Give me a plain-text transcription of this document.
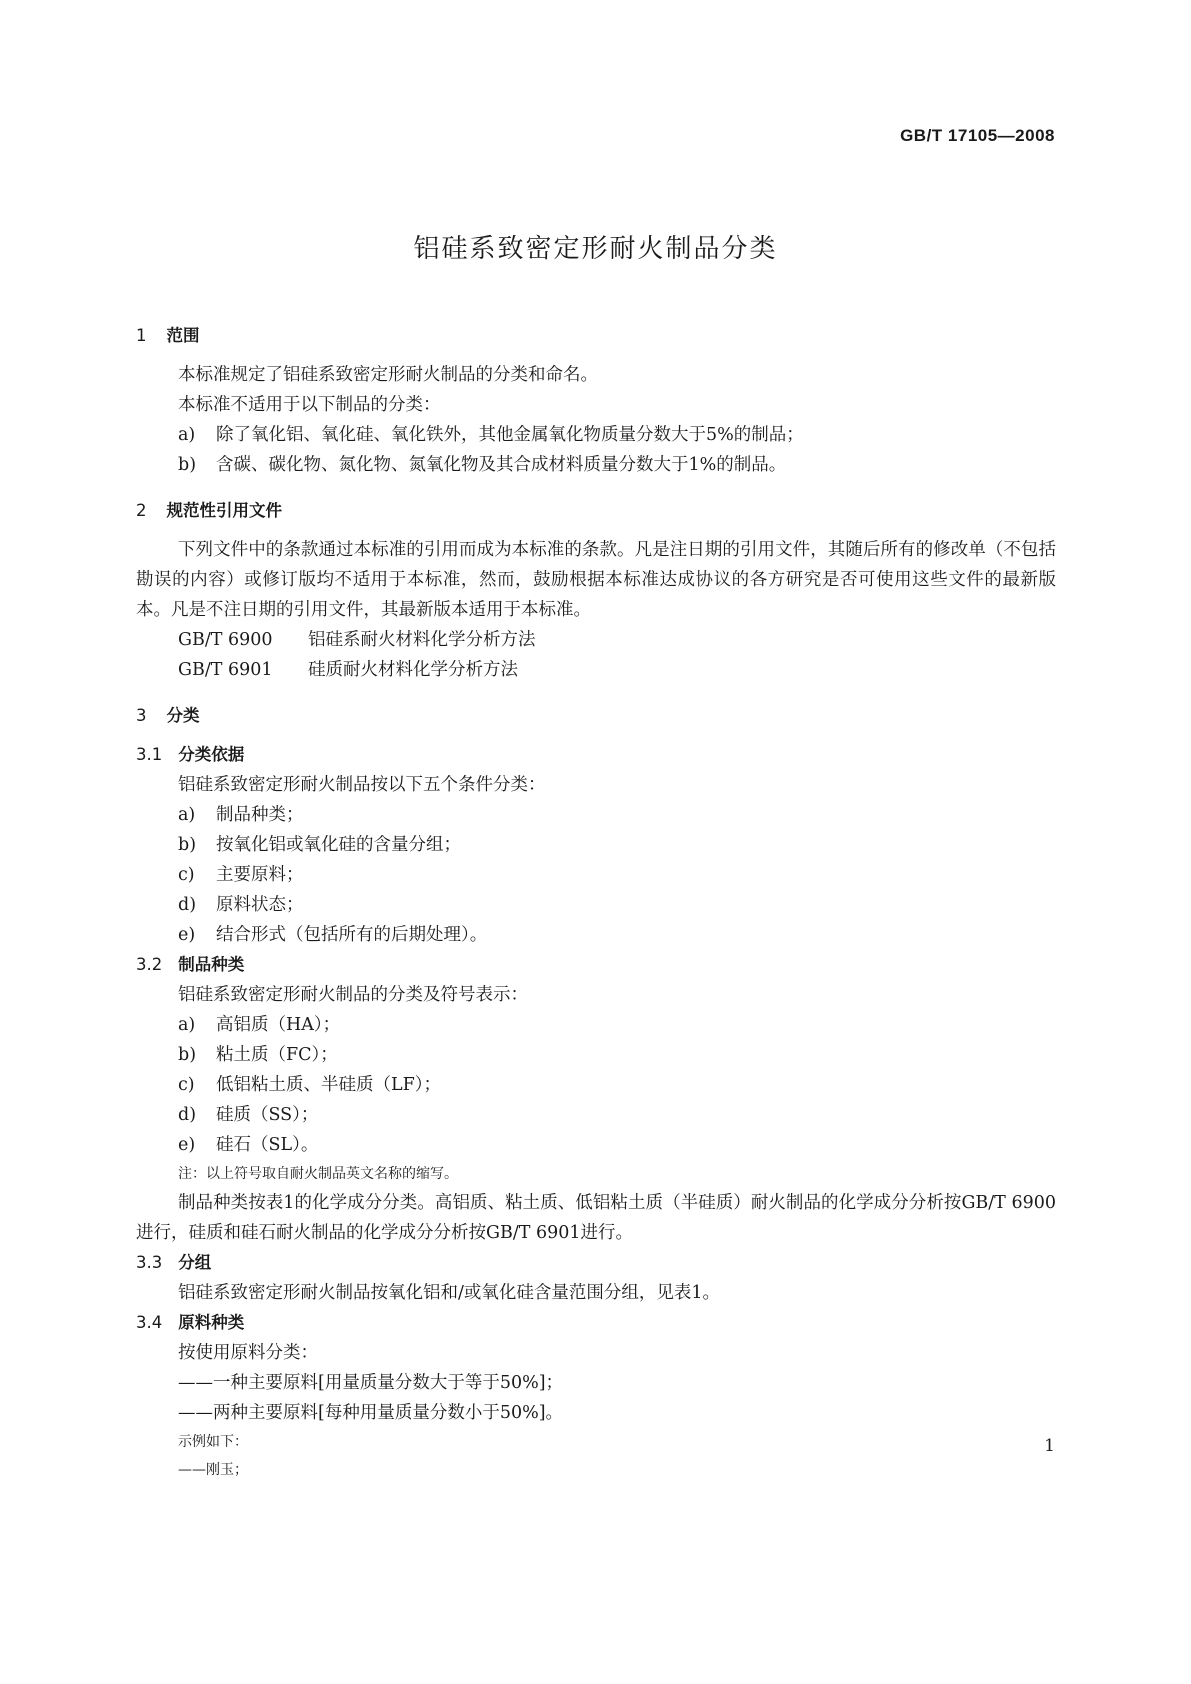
GB/T 17105—2008
铝硅系致密定形耐火制品分类
1 范围
本标准规定了铝硅系致密定形耐火制品的分类和命名。
本标准不适用于以下制品的分类：
a) 除了氧化铝、氧化硅、氧化铁外，其他金属氧化物质量分数大于5%的制品；
b) 含碳、碳化物、氮化物、氮氧化物及其合成材料质量分数大于1%的制品。
2 规范性引用文件
下列文件中的条款通过本标准的引用而成为本标准的条款。凡是注日期的引用文件，其随后所有的修改单（不包括勘误的内容）或修订版均不适用于本标准，然而，鼓励根据本标准达成协议的各方研究是否可使用这些文件的最新版本。凡是不注日期的引用文件，其最新版本适用于本标准。
GB/T 6900 铝硅系耐火材料化学分析方法
GB/T 6901 硅质耐火材料化学分析方法
3 分类
3.1 分类依据
铝硅系致密定形耐火制品按以下五个条件分类：
a) 制品种类；
b) 按氧化铝或氧化硅的含量分组；
c) 主要原料；
d) 原料状态；
e) 结合形式（包括所有的后期处理）。
3.2 制品种类
铝硅系致密定形耐火制品的分类及符号表示：
a) 高铝质（HA）；
b) 粘土质（FC）；
c) 低铝粘土质、半硅质（LF）；
d) 硅质（SS）；
e) 硅石（SL）。
注：以上符号取自耐火制品英文名称的缩写。
制品种类按表1的化学成分分类。高铝质、粘土质、低铝粘土质（半硅质）耐火制品的化学成分分析按GB/T 6900进行，硅质和硅石耐火制品的化学成分分析按GB/T 6901进行。
3.3 分组
铝硅系致密定形耐火制品按氧化铝和/或氧化硅含量范围分组，见表1。
3.4 原料种类
按使用原料分类：
——一种主要原料[用量质量分数大于等于50%]；
——两种主要原料[每种用量质量分数小于50%]。
示例如下：
——刚玉；
1
